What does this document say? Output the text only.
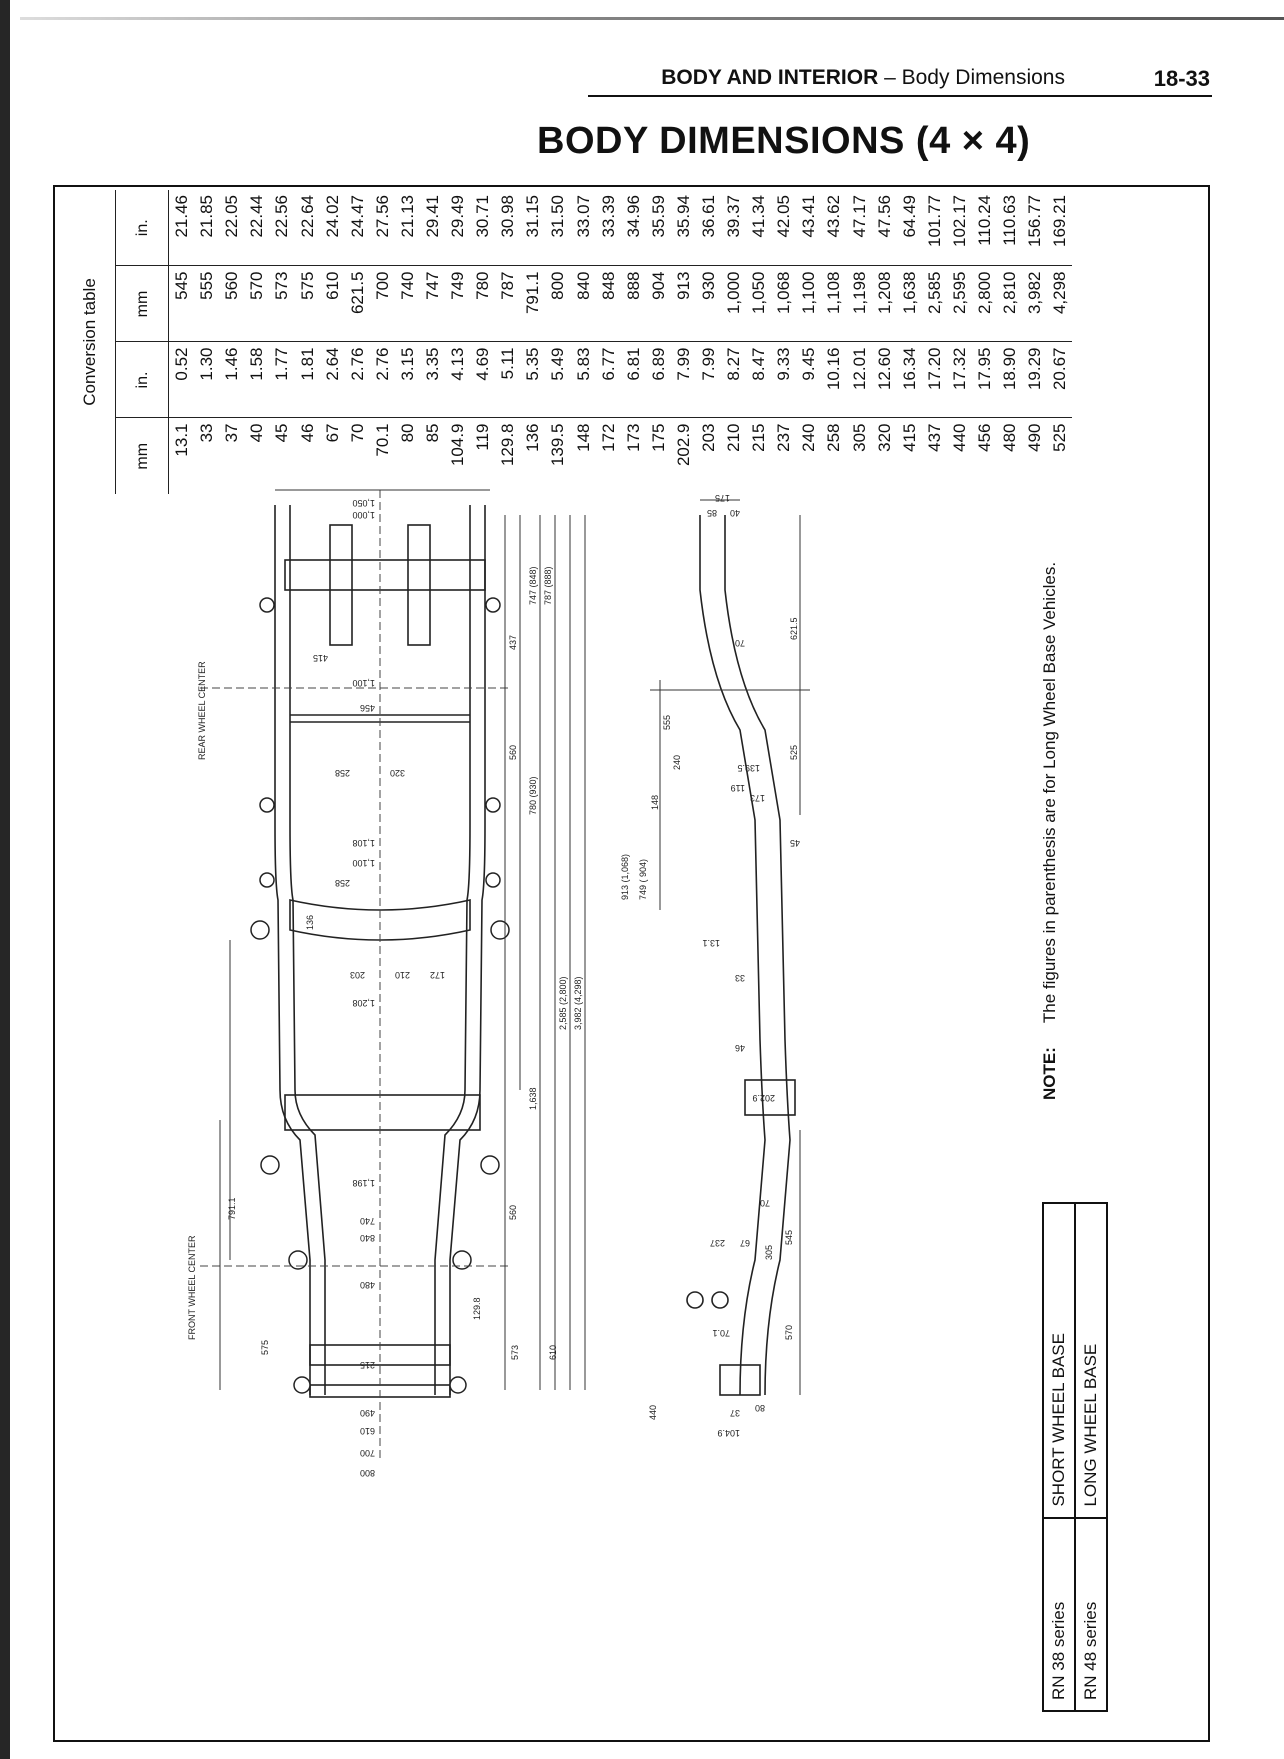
BODY AND INTERIOR – Body Dimensions	18-33
BODY DIMENSIONS (4 × 4)
Conversion table			
mm	in.	mm	in.
13.1	0.52	545	21.46
33	1.30	555	21.85
37	1.46	560	22.05
40	1.58	570	22.44
45	1.77	573	22.56
46	1.81	575	22.64
67	2.64	610	24.02
70	2.76	621.5	24.47
70.1	2.76	700	27.56
80	3.15	740	21.13
85	3.35	747	29.41
104.9	4.13	749	29.49
119	4.69	780	30.71
129.8	5.11	787	30.98
136	5.35	791.1	31.15
139.5	5.49	800	31.50
148	5.83	840	33.07
172	6.77	848	33.39
173	6.81	888	34.96
175	6.89	904	35.59
202.9	7.99	913	35.94
203	7.99	930	36.61
210	8.27	1,000	39.37
215	8.47	1,050	41.34
237	9.33	1,068	42.05
240	9.45	1,100	43.41
258	10.16	1,108	43.62
305	12.01	1,198	47.17
320	12.60	1,208	47.56
415	16.34	1,638	64.49
437	17.20	2,585	101.77
440	17.32	2,595	102.17
456	17.95	2,800	110.24
480	18.90	2,810	110.63
490	19.29	3,982	156.77
525	20.67	4,298	169.21
REAR WHEEL CENTER
FRONT WHEEL CENTER
1,050
1,000
415
1,100
456
258	320
1,108
1,100
258
136
203	210 172
1,208
1,198
740
840
480
215
490
610
700
800
575
791.1
129.8
573	610
560
437
560
747 (848) 787 (888)
780 (930)
1,638
2,585 (2,800) 3,982 (4,298)
555
240
148
913 (1,068) 749 ( 904)
440
175
40
85
70
621.5
139.5
525
119
173
45
13.1
33
46
202.9
70
237 67
305
545
70.1	570
37 80
104.9
NOTE:The figures in parenthesis are for Long Wheel Base Vehicles.
RN 38 series	SHORT WHEEL BASE
RN 48 series	LONG WHEEL BASE
